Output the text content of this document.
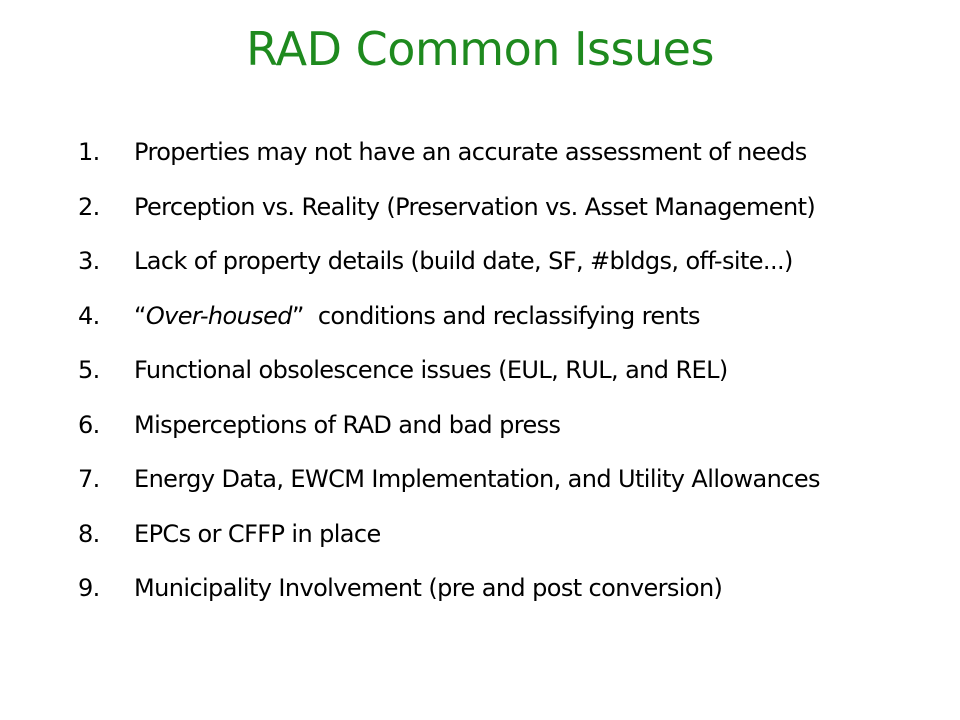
RAD Common Issues
1.	Properties may not have an accurate assessment of needs
2.	Perception vs. Reality (Preservation vs. Asset Management)
3.	Lack of property details (build date, SF, #bldgs, off-site...)
4.	“Over-housed”  conditions and reclassifying rents
5.	Functional obsolescence issues (EUL, RUL, and REL)
6.	Misperceptions of RAD and bad press
7.	Energy Data, EWCM Implementation, and Utility Allowances
8.	EPCs or CFFP in place
9.	Municipality Involvement (pre and post conversion)
